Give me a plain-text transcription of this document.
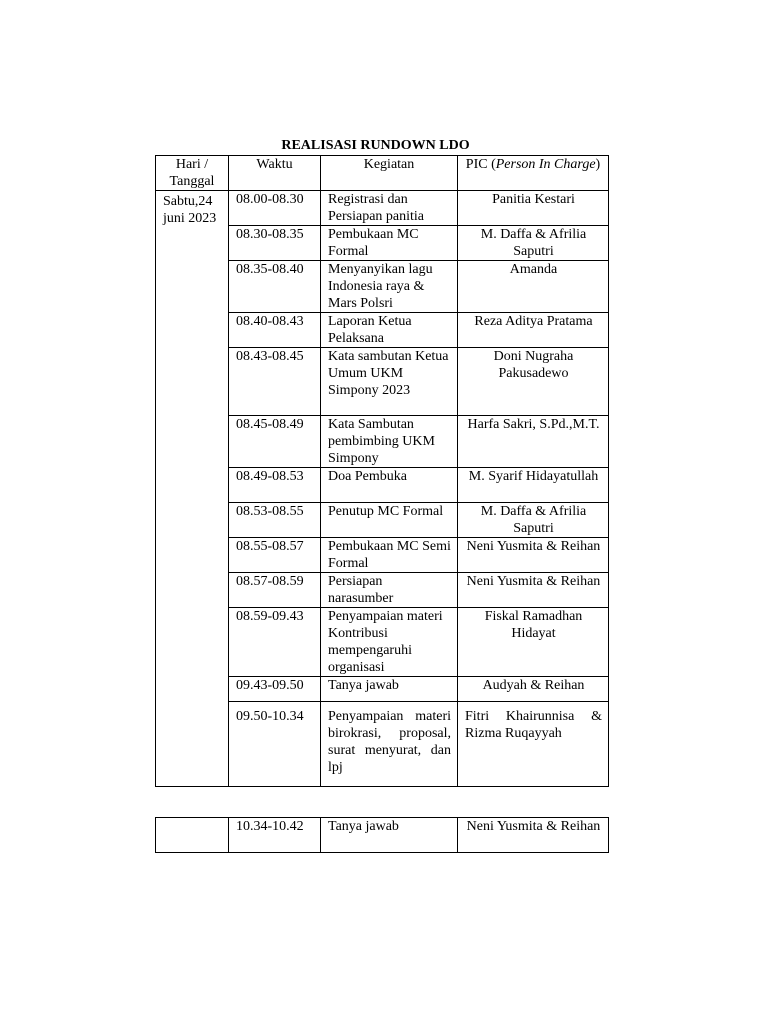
REALISASI RUNDOWN LDO
Hari / Tanggal	Waktu	Kegiatan	PIC (Person In Charge)
Sabtu,24 juni 2023	08.00-08.30	Registrasi dan Persiapan panitia	Panitia Kestari
	08.30-08.35	Pembukaan MC Formal	M. Daffa & Afrilia Saputri
	08.35-08.40	Menyanyikan lagu Indonesia raya & Mars Polsri	Amanda
	08.40-08.43	Laporan Ketua Pelaksana	Reza Aditya Pratama
	08.43-08.45	Kata sambutan Ketua Umum UKM Simpony 2023	Doni Nugraha Pakusadewo
	08.45-08.49	Kata Sambutan pembimbing UKM Simpony	Harfa Sakri, S.Pd.,M.T.
	08.49-08.53	Doa Pembuka	M. Syarif Hidayatullah
	08.53-08.55	Penutup MC Formal	M. Daffa & Afrilia Saputri
	08.55-08.57	Pembukaan MC Semi Formal	Neni Yusmita & Reihan
	08.57-08.59	Persiapan narasumber	Neni Yusmita & Reihan
	08.59-09.43	Penyampaian materi Kontribusi mempengaruhi organisasi	Fiskal Ramadhan Hidayat
	09.43-09.50	Tanya jawab	Audyah & Reihan
	09.50-10.34	Penyampaian materi birokrasi, proposal, surat menyurat, dan lpj	Fitri Khairunnisa & Rizma Ruqayyah
	10.34-10.42	Tanya jawab	Neni Yusmita & Reihan
